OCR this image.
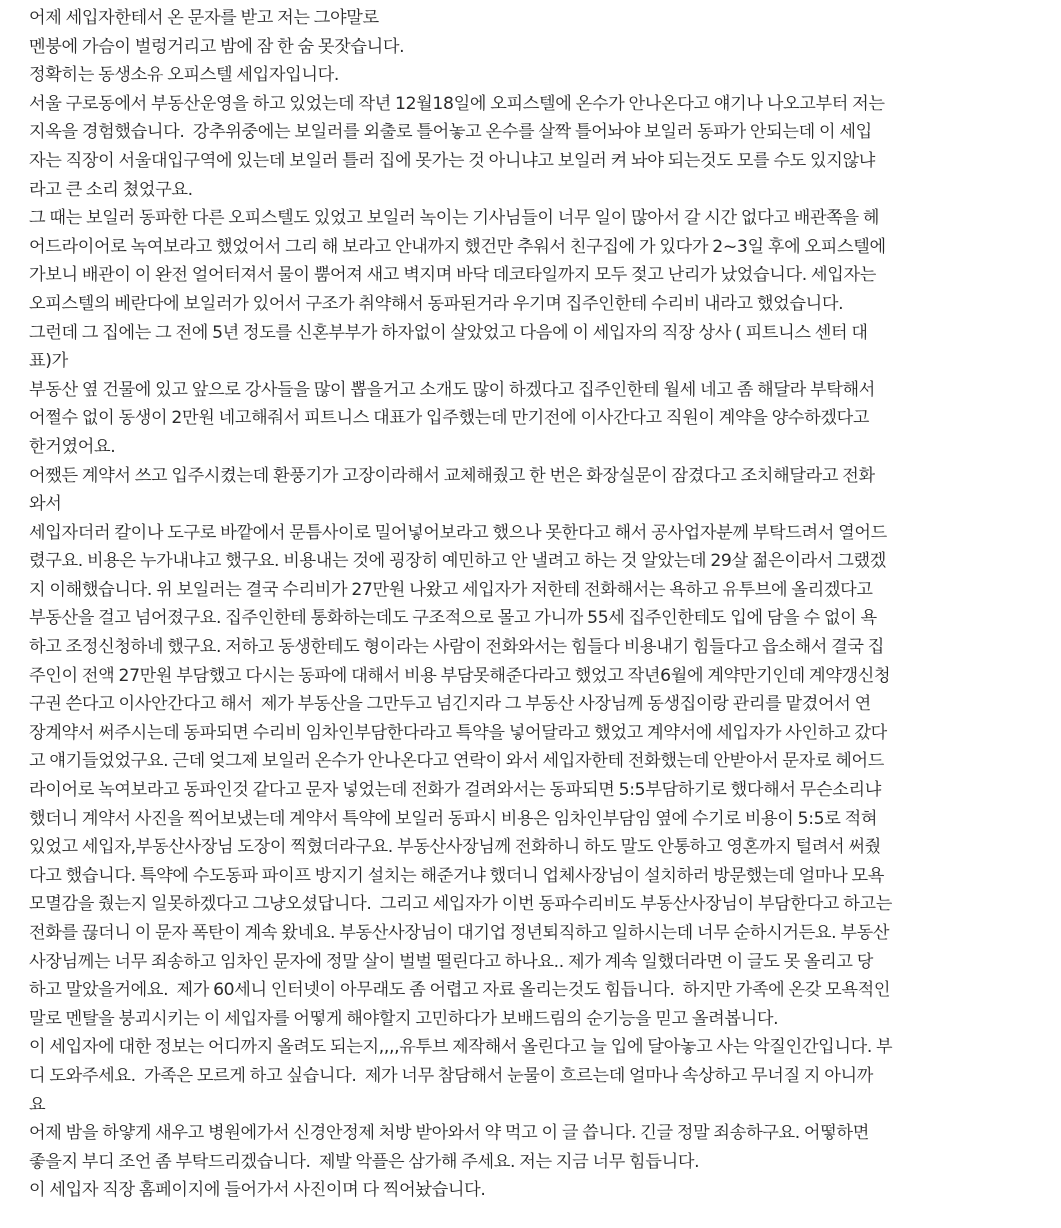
어제 세입자한테서 온 문자를 받고 저는 그야말로
멘붕에 가슴이 벌렁거리고 밤에 잠 한 숨 못잣습니다.
정확히는 동생소유 오피스텔 세입자입니다.
서울 구로동에서 부동산운영을 하고 있었는데 작년 12월18일에 오피스텔에 온수가 안나온다고 얘기나 나오고부터 저는
지옥을 경험했습니다.  강추위중에는 보일러를 외출로 틀어놓고 온수를 살짝 틀어놔야 보일러 동파가 안되는데 이 세입
자는 직장이 서울대입구역에 있는데 보일러 틀러 집에 못가는 것 아니냐고 보일러 켜 놔야 되는것도 모를 수도 있지않냐
라고 큰 소리 쳤었구요.
그 때는 보일러 동파한 다른 오피스텔도 있었고 보일러 녹이는 기사님들이 너무 일이 많아서 갈 시간 없다고 배관쪽을 헤
어드라이어로 녹여보라고 했었어서 그리 해 보라고 안내까지 했건만 추워서 친구집에 가 있다가 2~3일 후에 오피스텔에
가보니 배관이 이 완전 얼어터져서 물이 뿜어져 새고 벽지며 바닥 데코타일까지 모두 젖고 난리가 났었습니다. 세입자는
오피스텔의 베란다에 보일러가 있어서 구조가 취약해서 동파된거라 우기며 집주인한테 수리비 내라고 했었습니다.
그런데 그 집에는 그 전에 5년 정도를 신혼부부가 하자없이 살았었고 다음에 이 세입자의 직장 상사 ( 피트니스 센터 대
표)가
부동산 옆 건물에 있고 앞으로 강사들을 많이 뽑을거고 소개도 많이 하겠다고 집주인한테 월세 네고 좀 해달라 부탁해서
어쩔수 없이 동생이 2만원 네고해줘서 피트니스 대표가 입주했는데 만기전에 이사간다고 직원이 계약을 양수하겠다고
한거였어요.
어쨌든 계약서 쓰고 입주시켰는데 환풍기가 고장이라해서 교체해줬고 한 번은 화장실문이 잠겼다고 조치해달라고 전화
와서
세입자더러 칼이나 도구로 바깥에서 문틈사이로 밀어넣어보라고 했으나 못한다고 해서 공사업자분께 부탁드려서 열어드
렸구요. 비용은 누가내냐고 했구요. 비용내는 것에 굉장히 예민하고 안 낼려고 하는 것 알았는데 29살 젊은이라서 그랬겠
지 이해했습니다. 위 보일러는 결국 수리비가 27만원 나왔고 세입자가 저한테 전화해서는 욕하고 유투브에 올리겠다고
부동산을 걸고 넘어졌구요. 집주인한테 통화하는데도 구조적으로 몰고 가니까 55세 집주인한테도 입에 담을 수 없이 욕
하고 조정신청하네 했구요. 저하고 동생한테도 형이라는 사람이 전화와서는 힘들다 비용내기 힘들다고 읍소해서 결국 집
주인이 전액 27만원 부담했고 다시는 동파에 대해서 비용 부담못해준다라고 했었고 작년6월에 계약만기인데 계약갱신청
구권 쓴다고 이사안간다고 해서  제가 부동산을 그만두고 넘긴지라 그 부동산 사장님께 동생집이랑 관리를 맡겼어서 연
장계약서 써주시는데 동파되면 수리비 임차인부담한다라고 특약을 넣어달라고 했었고 계약서에 세입자가 사인하고 갔다
고 얘기들었었구요. 근데 엊그제 보일러 온수가 안나온다고 연락이 와서 세입자한테 전화했는데 안받아서 문자로 헤어드
라이어로 녹여보라고 동파인것 같다고 문자 넣었는데 전화가 걸려와서는 동파되면 5:5부담하기로 했다해서 무슨소리냐
했더니 계약서 사진을 찍어보냈는데 계약서 특약에 보일러 동파시 비용은 임차인부담임 옆에 수기로 비용이 5:5로 적혀
있었고 세입자,부동산사장님 도장이 찍혔더라구요. 부동산사장님께 전화하니 하도 말도 안통하고 영혼까지 털려서 써줬
다고 했습니다. 특약에 수도동파 파이프 방지기 설치는 해준거냐 했더니 업체사장님이 설치하러 방문했는데 얼마나 모욕
모멸감을 줬는지 일못하겠다고 그냥오셨답니다.  그리고 세입자가 이번 동파수리비도 부동산사장님이 부담한다고 하고는
전화를 끊더니 이 문자 폭탄이 계속 왔네요. 부동산사장님이 대기업 정년퇴직하고 일하시는데 너무 순하시거든요. 부동산
사장님께는 너무 죄송하고 임차인 문자에 정말 살이 벌벌 떨린다고 하나요.. 제가 계속 일했더라면 이 글도 못 올리고 당
하고 말았을거에요.  제가 60세니 인터넷이 아무래도 좀 어렵고 자료 올리는것도 힘듭니다.  하지만 가족에 온갖 모욕적인
말로 멘탈을 붕괴시키는 이 세입자를 어떻게 해야할지 고민하다가 보배드림의 순기능을 믿고 올려봅니다.
이 세입자에 대한 정보는 어디까지 올려도 되는지,,,,유투브 제작해서 올린다고 늘 입에 달아놓고 사는 악질인간입니다. 부
디 도와주세요.  가족은 모르게 하고 싶습니다.  제가 너무 참담해서 눈물이 흐르는데 얼마나 속상하고 무너질 지 아니까
요
어제 밤을 하얗게 새우고 병원에가서 신경안정제 처방 받아와서 약 먹고 이 글 씁니다. 긴글 정말 죄송하구요. 어떻하면
좋을지 부디 조언 좀 부탁드리겠습니다.  제발 악플은 삼가해 주세요. 저는 지금 너무 힘듭니다.
이 세입자 직장 홈페이지에 들어가서 사진이며 다 찍어놨습니다.
